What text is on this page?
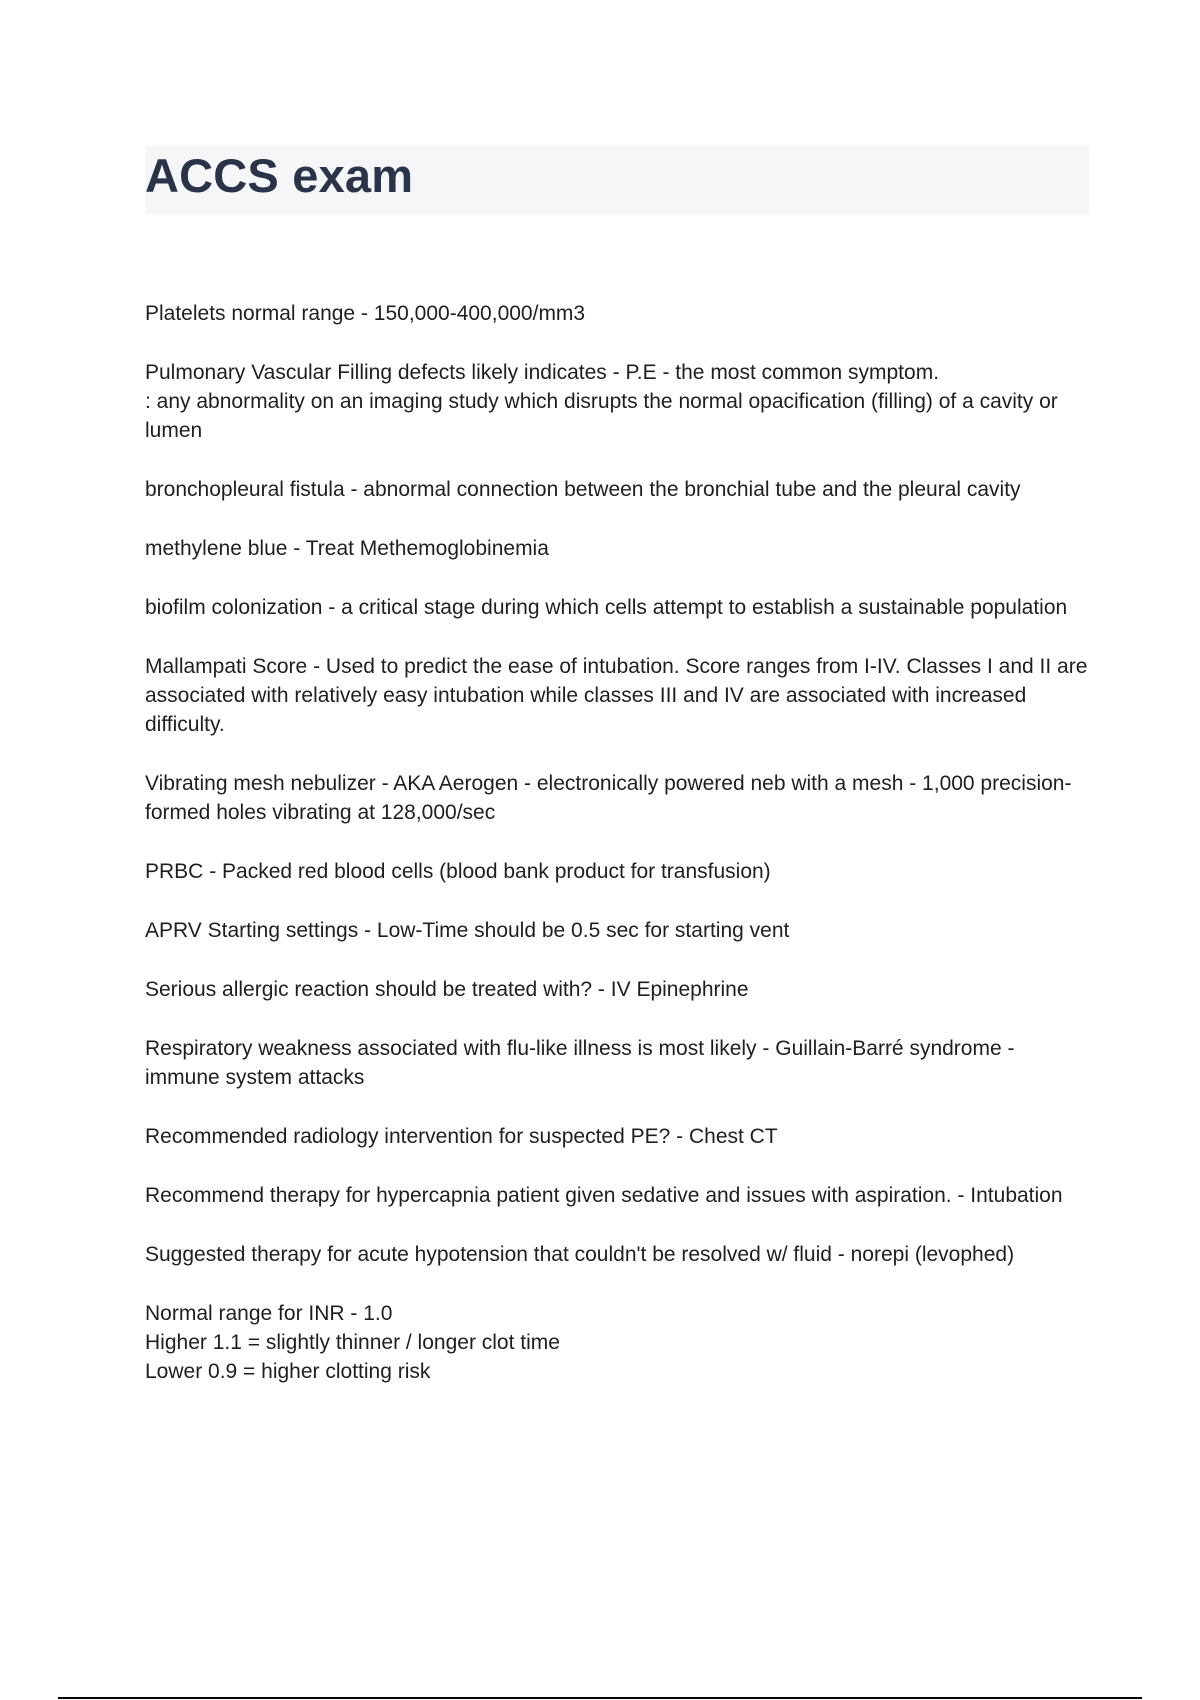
ACCS exam
Platelets normal range - 150,000-400,000/mm3
Pulmonary Vascular Filling defects likely indicates - P.E - the most common symptom.
: any abnormality on an imaging study which disrupts the normal opacification (filling) of a cavity or lumen
bronchopleural fistula - abnormal connection between the bronchial tube and the pleural cavity
methylene blue - Treat Methemoglobinemia
biofilm colonization - a critical stage during which cells attempt to establish a sustainable population
Mallampati Score - Used to predict the ease of intubation. Score ranges from I-IV. Classes I and II are associated with relatively easy intubation while classes III and IV are associated with increased difficulty.
Vibrating mesh nebulizer - AKA Aerogen - electronically powered neb with a mesh - 1,000 precision-formed holes vibrating at 128,000/sec
PRBC - Packed red blood cells (blood bank product for transfusion)
APRV Starting settings - Low-Time should be 0.5 sec for starting vent
Serious allergic reaction should be treated with? - IV Epinephrine
Respiratory weakness associated with flu-like illness is most likely - Guillain-Barré syndrome - immune system attacks
Recommended radiology intervention for suspected PE? - Chest CT
Recommend therapy for hypercapnia patient given sedative and issues with aspiration. - Intubation
Suggested therapy for acute hypotension that couldn't be resolved w/ fluid - norepi (levophed)
Normal range for INR - 1.0
Higher 1.1 = slightly thinner / longer clot time
Lower 0.9 = higher clotting risk
